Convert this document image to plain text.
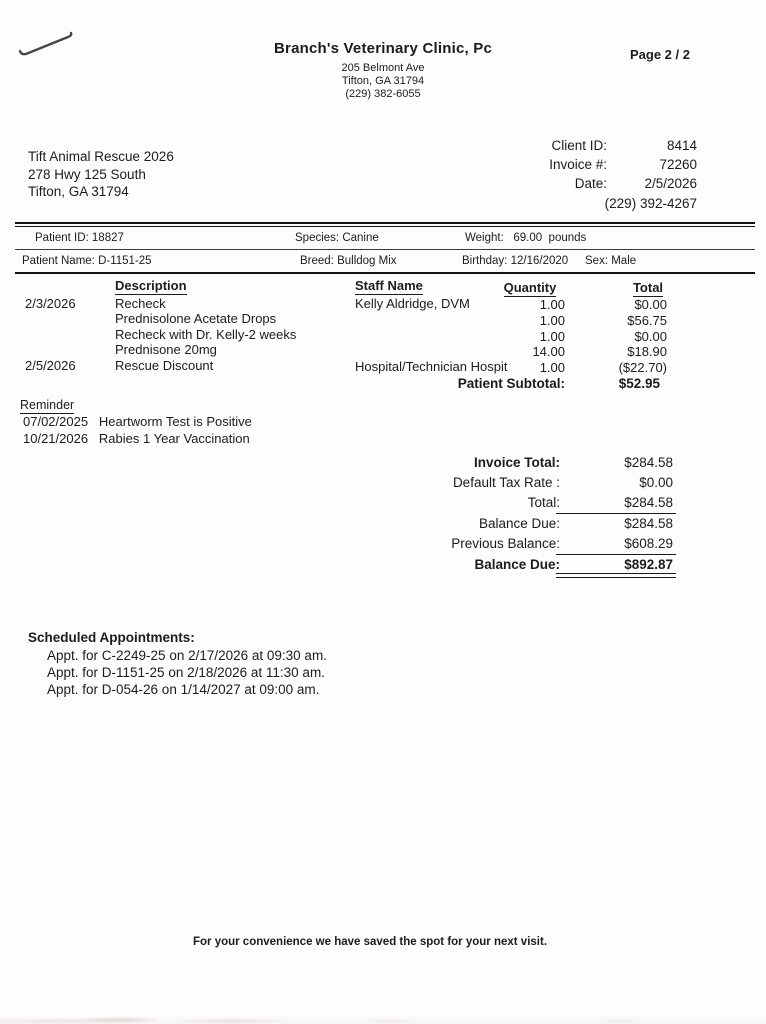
Branch's Veterinary Clinic, Pc
205 Belmont Ave
Tifton, GA 31794
(229) 382-6055
Page 2 / 2
Tift Animal Rescue 2026
278 Hwy 125 South
Tifton, GA 31794
Client ID:	8414
Invoice #:	72260
Date:	2/5/2026
(229) 392-4267
Patient ID: 18827	Species: Canine	Weight: 69.00 pounds
Patient Name: D-1151-25	Breed: Bulldog Mix	Birthday: 12/16/2020 Sex: Male
Description	Staff Name	Quantity	Total
2/3/2026	Recheck	Kelly Aldridge, DVM	1.00	$0.00
Prednisolone Acetate Drops	1.00	$56.75
Recheck with Dr. Kelly-2 weeks	1.00	$0.00
Prednisone 20mg	14.00	$18.90
2/5/2026	Rescue Discount	Hospital/Technician Hospit	1.00	($22.70)
Patient Subtotal:	$52.95
Reminder
07/02/2025 Heartworm Test is Positive
10/21/2026 Rabies 1 Year Vaccination
Invoice Total:	$284.58
Default Tax Rate :	$0.00
Total:	$284.58
Balance Due:	$284.58
Previous Balance:	$608.29
Balance Due:	$892.87
Scheduled Appointments:
Appt. for C-2249-25 on 2/17/2026 at 09:30 am.
Appt. for D-1151-25 on 2/18/2026 at 11:30 am.
Appt. for D-054-26 on 1/14/2027 at 09:00 am.
For your convenience we have saved the spot for your next visit.
